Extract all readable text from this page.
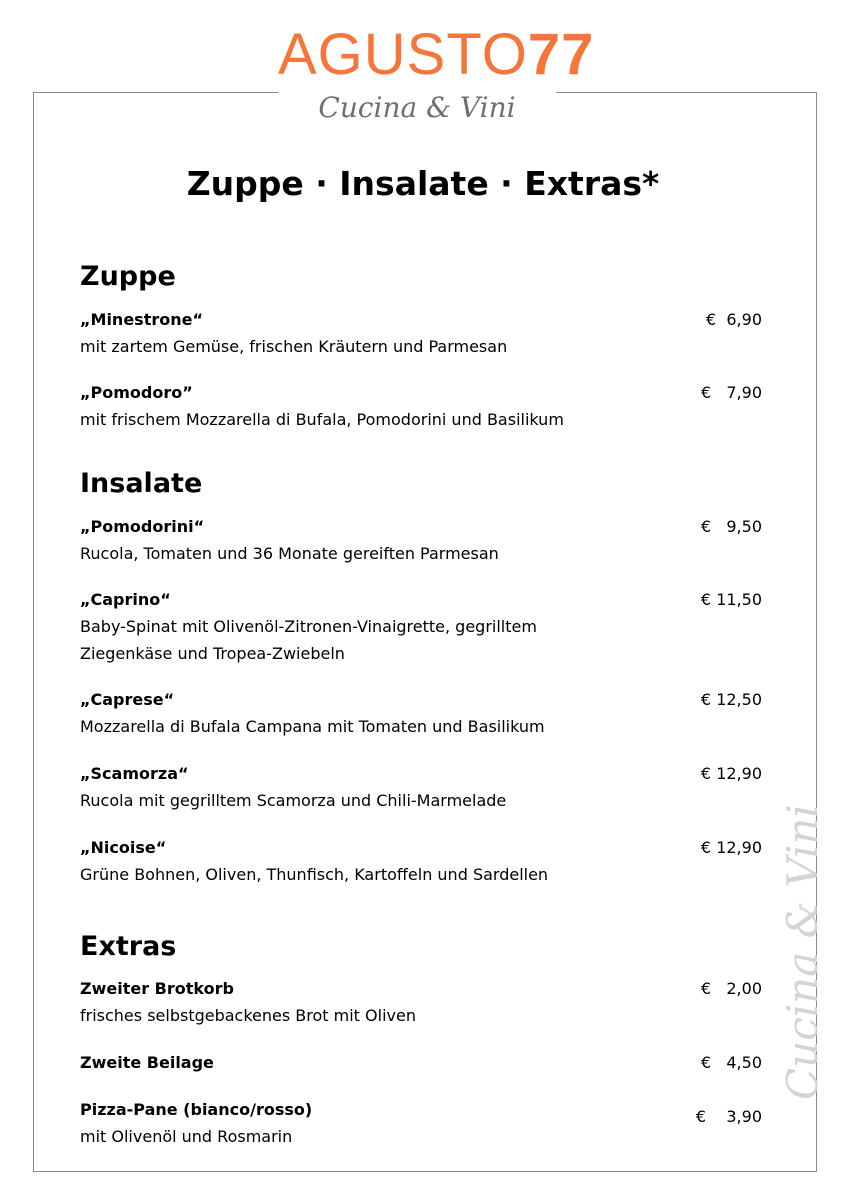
AGUSTO77
Cucina & Vini
Zuppe · Insalate · Extras*
Zuppe
„Minestrone“	€  6,90
mit zartem Gemüse, frischen Kräutern und Parmesan
„Pomodoro”	€   7,90
mit frischem Mozzarella di Bufala, Pomodorini und Basilikum
Insalate
„Pomodorini“	€   9,50
Rucola, Tomaten und 36 Monate gereiften Parmesan
„Caprino“	€ 11,50
Baby-Spinat mit Olivenöl-Zitronen-Vinaigrette, gegrilltem
Ziegenkäse und Tropea-Zwiebeln
„Caprese“	€ 12,50
Mozzarella di Bufala Campana mit Tomaten und Basilikum
„Scamorza“	€ 12,90
Rucola mit gegrilltem Scamorza und Chili-Marmelade
„Nicoise“	€ 12,90
Grüne Bohnen, Oliven, Thunfisch, Kartoffeln und Sardellen
Extras
Zweiter Brotkorb	€   2,00
frisches selbstgebackenes Brot mit Oliven
Zweite Beilage	€   4,50
Pizza-Pane (bianco/rosso)	€    3,90
mit Olivenöl und Rosmarin
Cucina & Vini
